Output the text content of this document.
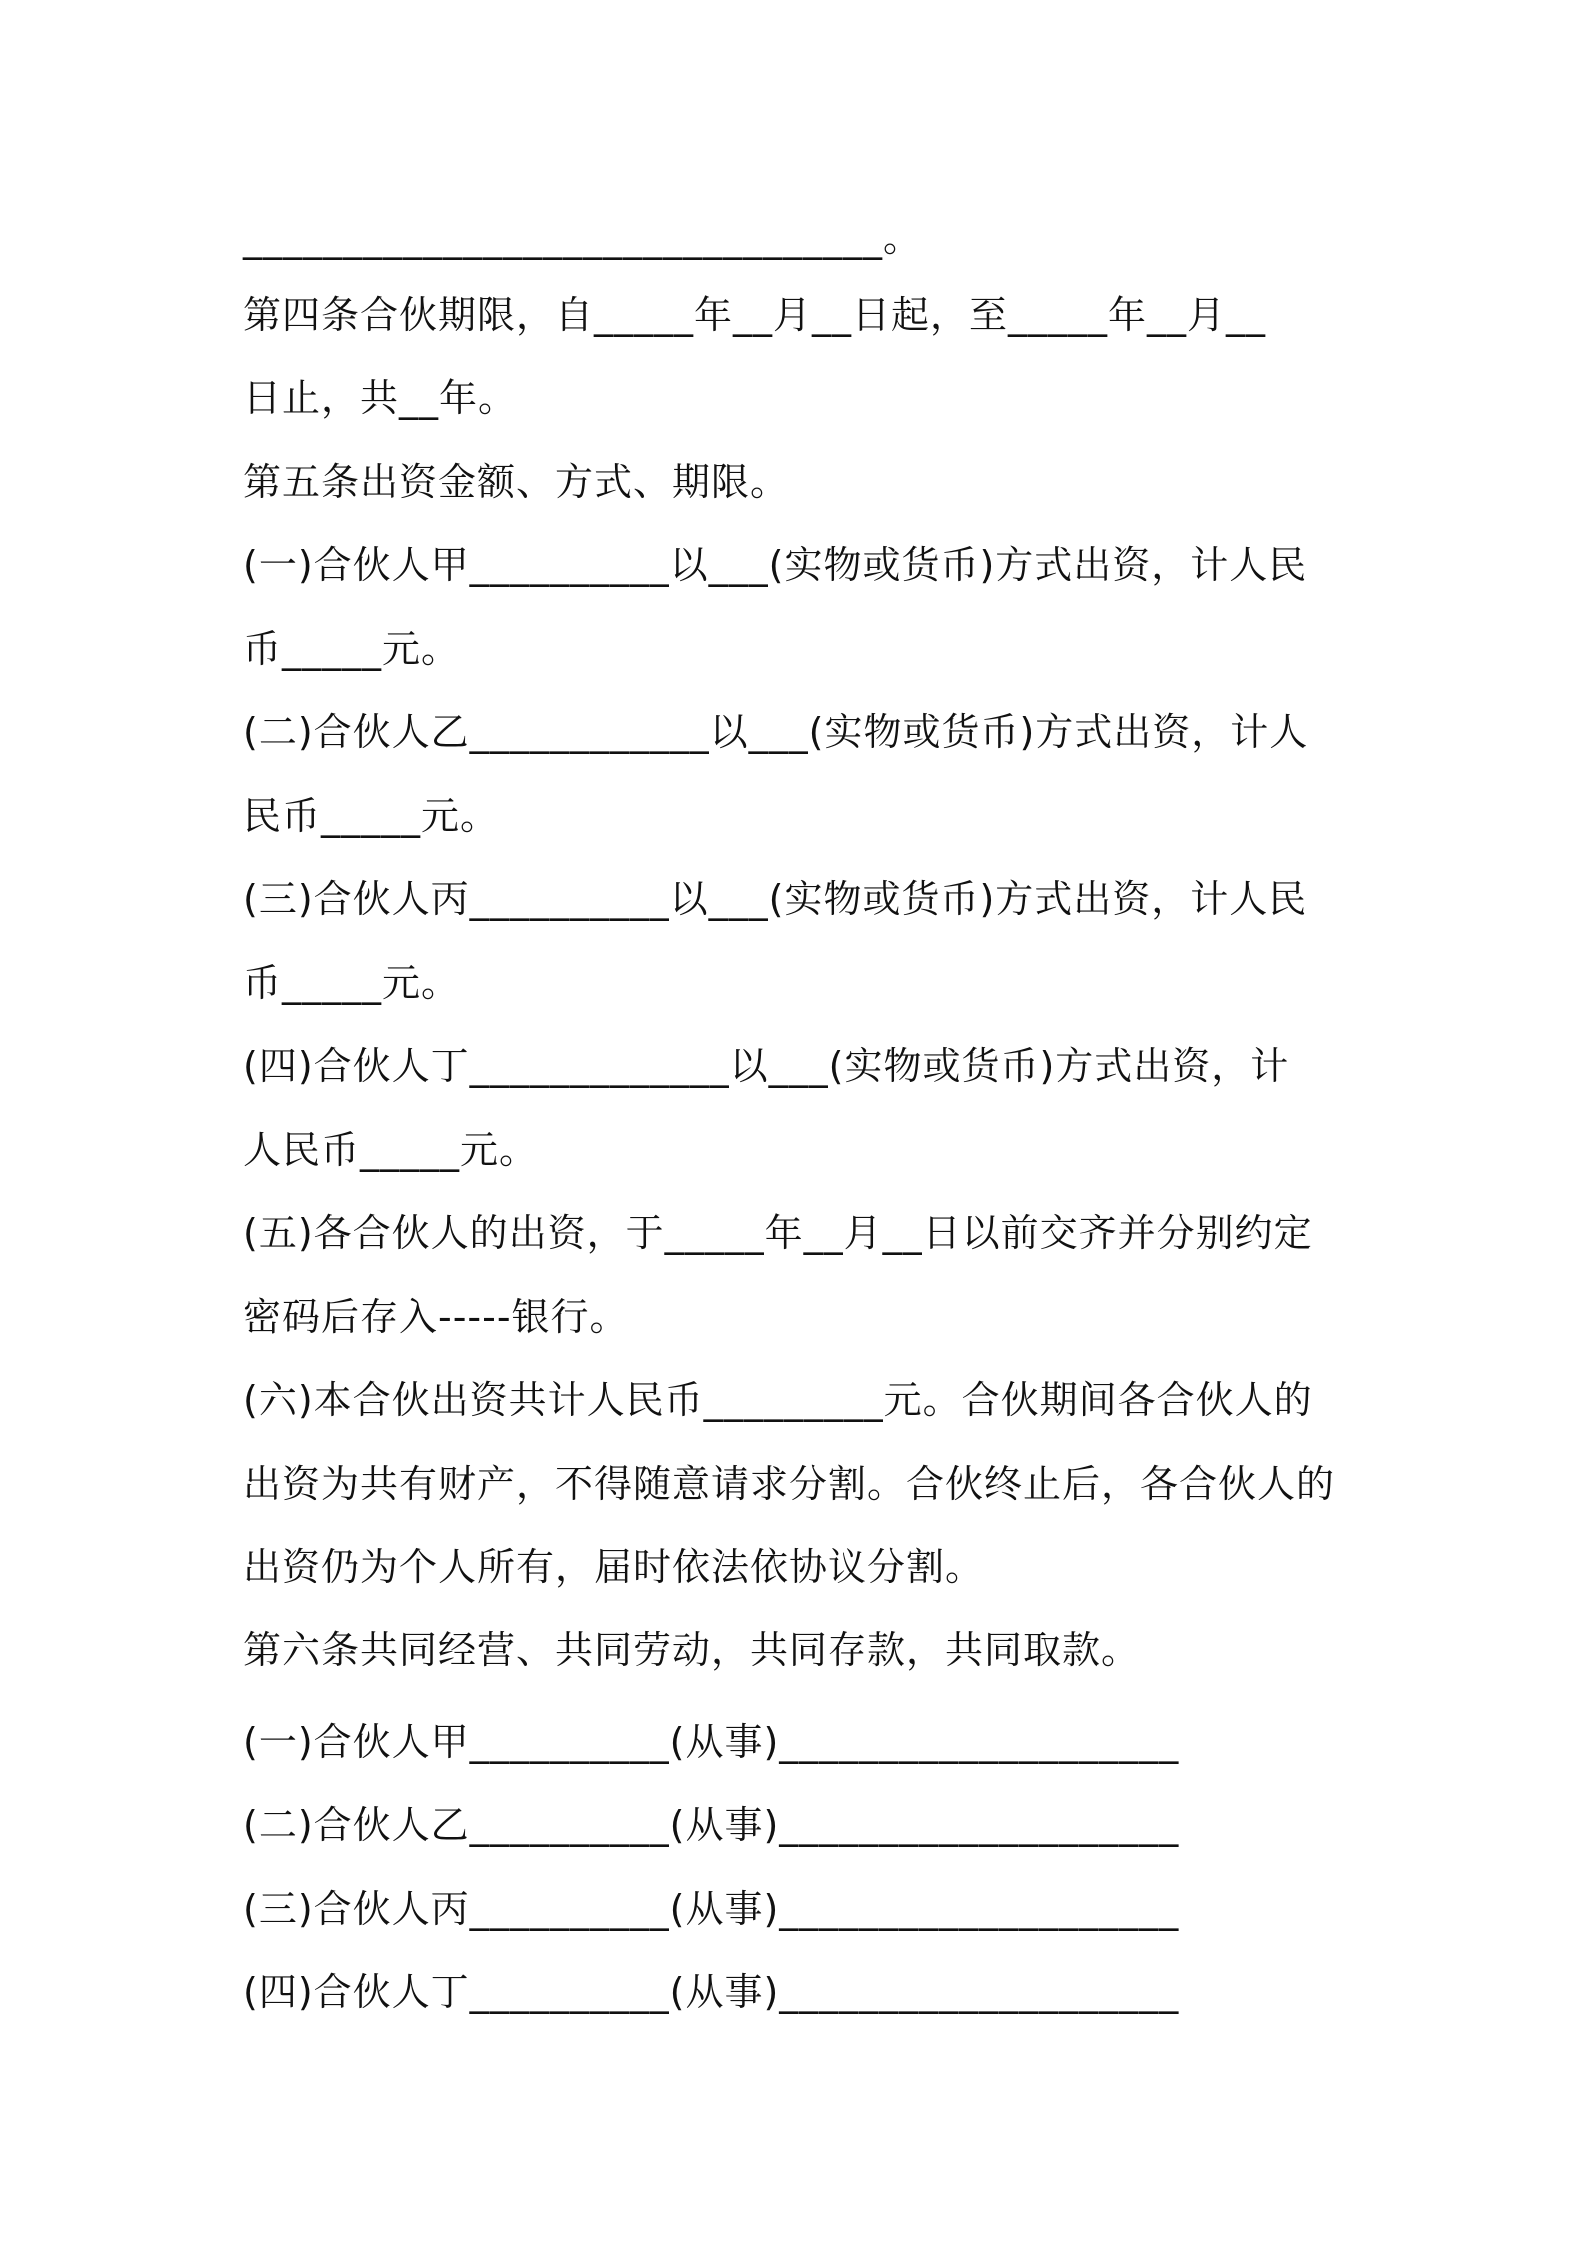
________________________________。
第四条合伙期限，自_____年__月__日起，至_____年__月__
日止，共__年。
第五条出资金额、方式、期限。
(一)合伙人甲__________以___(实物或货币)方式出资，计人民
币_____元。
(二)合伙人乙____________以___(实物或货币)方式出资，计人
民币_____元。
(三)合伙人丙__________以___(实物或货币)方式出资，计人民
币_____元。
(四)合伙人丁_____________以___(实物或货币)方式出资，计
人民币_____元。
(五)各合伙人的出资，于_____年__月__日以前交齐并分别约定
密码后存入-----银行。
(六)本合伙出资共计人民币_________元。合伙期间各合伙人的
出资为共有财产，不得随意请求分割。合伙终止后，各合伙人的
出资仍为个人所有，届时依法依协议分割。
第六条共同经营、共同劳动，共同存款，共同取款。
(一)合伙人甲__________(从事)____________________
(二)合伙人乙__________(从事)____________________
(三)合伙人丙__________(从事)____________________
(四)合伙人丁__________(从事)____________________
